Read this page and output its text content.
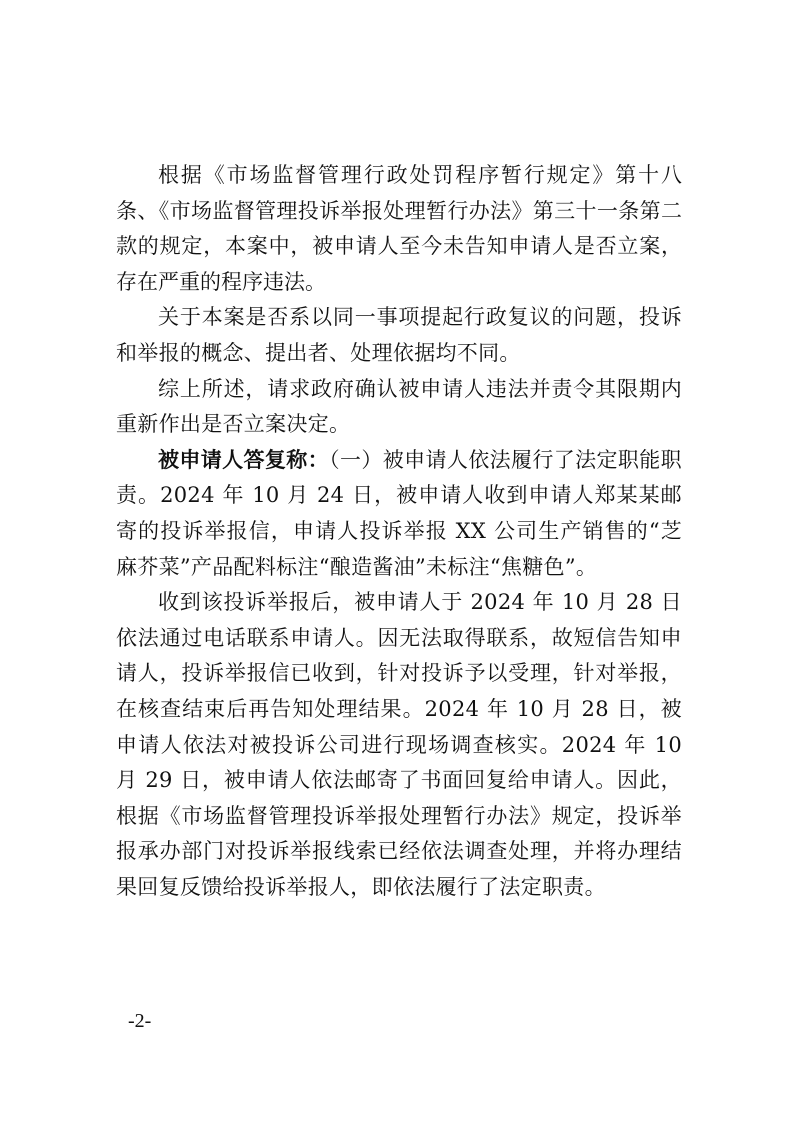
根据《市场监督管理行政处罚程序暂行规定》第十八条、《市场监督管理投诉举报处理暂行办法》第三十一条第二款的规定，本案中，被申请人至今未告知申请人是否立案，存在严重的程序违法。

关于本案是否系以同一事项提起行政复议的问题，投诉和举报的概念、提出者、处理依据均不同。

综上所述，请求政府确认被申请人违法并责令其限期内重新作出是否立案决定。

被申请人答复称：（一）被申请人依法履行了法定职能职责。2024 年 10 月 24 日，被申请人收到申请人郑某某邮寄的投诉举报信，申请人投诉举报 XX 公司生产销售的“芝麻芥菜”产品配料标注“酿造酱油”未标注“焦糖色”。

收到该投诉举报后，被申请人于 2024 年 10 月 28 日依法通过电话联系申请人。因无法取得联系，故短信告知申请人，投诉举报信已收到，针对投诉予以受理，针对举报，在核查结束后再告知处理结果。2024 年 10 月 28 日，被申请人依法对被投诉公司进行现场调查核实。2024 年 10 月 29 日，被申请人依法邮寄了书面回复给申请人。因此，根据《市场监督管理投诉举报处理暂行办法》规定，投诉举报承办部门对投诉举报线索已经依法调查处理，并将办理结果回复反馈给投诉举报人，即依法履行了法定职责。

-2-
